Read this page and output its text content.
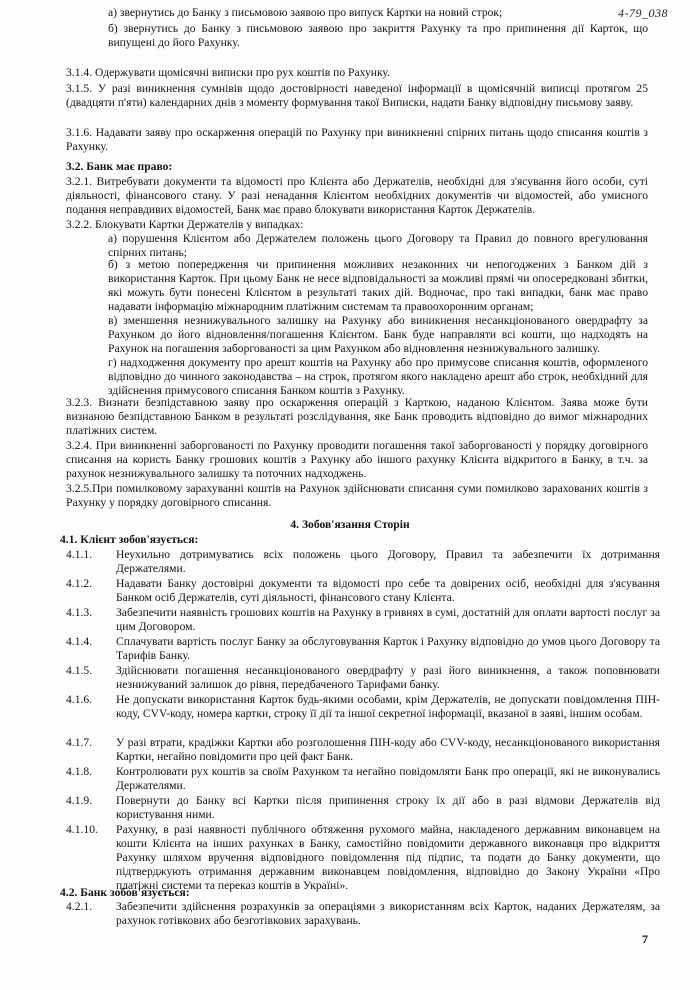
4-79_038
а) звернутись до Банку з письмовою заявою про випуск Картки на новий строк;
б) звернутись до Банку з письмовою заявою про закриття Рахунку та про припинення дії Карток, що випущені до його Рахунку.
3.1.4. Одержувати щомісячні виписки про рух коштів по Рахунку.
3.1.5. У разі виникнення сумнівів щодо достовірності наведеної інформації в щомісячній виписці протягом 25 (двадцяти п'яти) календарних днів з моменту формування такої Виписки, надати Банку відповідну письмову заяву.
3.1.6. Надавати заяву про оскарження операцій по Рахунку при виникненні спірних питань щодо списання коштів з Рахунку.
3.2. Банк має право:
3.2.1. Витребувати документи та відомості про Клієнта або Держателів, необхідні для з'ясування його особи, суті діяльності, фінансового стану. У разі ненадання Клієнтом необхідних документів чи відомостей, або умисного подання неправдивих відомостей, Банк має право блокувати використання Карток Держателів.
3.2.2. Блокувати Картки Держателів у випадках:
а) порушення Клієнтом або Держателем положень цього Договору та Правил до повного врегулювання спірних питань;
б) з метою попередження чи припинення можливих незаконних чи непогоджених з Банком дій з використання Карток. При цьому Банк не несе відповідальності за можливі прямі чи опосередковані збитки, які можуть бути понесені Клієнтом в результаті таких дій. Водночас, про такі випадки, банк має право надавати інформацію міжнародним платіжним системам та правоохоронним органам;
в) зменшення незнижувального залишку на Рахунку або виникнення несанкціонованого овердрафту за Рахунком до його відновлення/погашення Клієнтом. Банк буде направляти всі кошти, що надходять на Рахунок на погашення заборгованості за цим Рахунком або відновлення незнижувального залишку.
г) надходження документу про арешт коштів на Рахунку або про примусове списання коштів, оформленого відповідно до чинного законодавства – на строк, протягом якого накладено арешт або строк, необхідний для здійснення примусового списання Банком коштів з Рахунку.
3.2.3. Визнати безпідставною заяву про оскарження операцій з Карткою, наданою Клієнтом. Заява може бути визнаною безпідставною Банком в результаті розслідування, яке Банк проводить відповідно до вимог міжнародних платіжних систем.
3.2.4. При виникненні заборгованості по Рахунку проводити погашення такої заборгованості у порядку договірного списання на користь Банку грошових коштів з Рахунку або іншого рахунку Клієнта відкритого в Банку, в т.ч. за рахунок незнижувального залишку та поточних надходжень.
3.2.5.При помилковому зарахуванні коштів на Рахунок здійснювати списання суми помилково зарахованих коштів з Рахунку у порядку договірного списання.
4. Зобов'язання Сторін
4.1. Клієнт зобов'язується:
4.1.1. Неухильно дотримуватись всіх положень цього Договору, Правил та забезпечити їх дотримання Держателями.
4.1.2. Надавати Банку достовірні документи та відомості про себе та довірених осіб, необхідні для з'ясування Банком осіб Держателів, суті діяльності, фінансового стану Клієнта.
4.1.3. Забезпечити наявність грошових коштів на Рахунку в гривнях в сумі, достатній для оплати вартості послуг за цим Договором.
4.1.4. Сплачувати вартість послуг Банку за обслуговування Карток і Рахунку відповідно до умов цього Договору та Тарифів Банку.
4.1.5. Здійснювати погашення несанкціонованого овердрафту у разі його виникнення, а також поповнювати незнижуваний залишок до рівня, передбаченого Тарифами банку.
4.1.6. Не допускати використання Карток будь-якими особами, крім Держателів, не допускати повідомлення ПІН-коду, CVV-коду, номера картки, строку її дії та іншої секретної інформації, вказаної в заяві, іншим особам.
4.1.7. У разі втрати, крадіжки Картки або розголошення ПІН-коду або CVV-коду, несанкціонованого використання Картки, негайно повідомити про цей факт Банк.
4.1.8. Контролювати рух коштів за своїм Рахунком та негайно повідомляти Банк про операції, які не виконувались Держателями.
4.1.9. Повернути до Банку всі Картки після припинення строку їх дії або в разі відмови Держателів від користування ними.
4.1.10. Рахунку, в разі наявності публічного обтяження рухомого майна, накладеного державним виконавцем на кошти Клієнта на інших рахунках в Банку, самостійно повідомити державного виконавця про відкриття Рахунку шляхом вручення відповідного повідомлення під підпис, та подати до Банку документи, що підтверджують отримання державним виконавцем повідомлення, відповідно до Закону України «Про платіжні системи та переказ коштів в Україні».
4.2. Банк зобов'язується:
4.2.1. Забезпечити здійснення розрахунків за операціями з використанням всіх Карток, наданих Держателям, за рахунок готівкових або безготівкових зарахувань.
7
